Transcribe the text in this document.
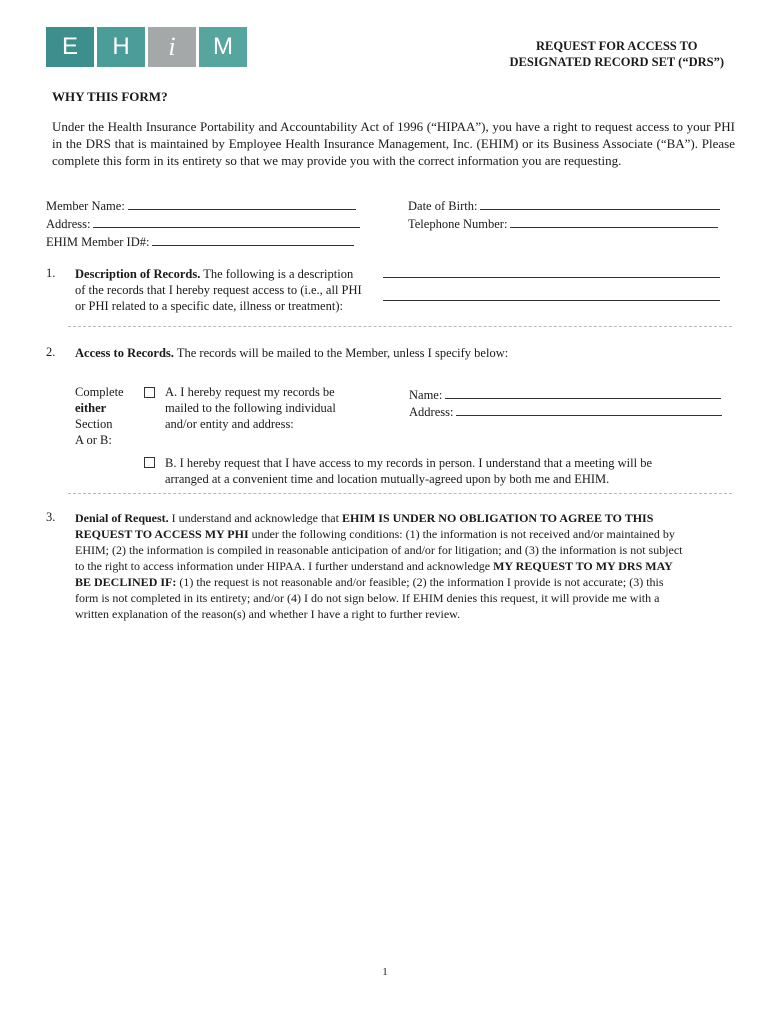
E	H	i	M	REQUEST FOR ACCESS TO
DESIGNATED RECORD SET (“DRS”)
WHY THIS FORM?
Under the Health Insurance Portability and Accountability Act of 1996 (“HIPAA”), you have a right to request access to your PHI in the DRS that is maintained by Employee Health Insurance Management, Inc. (EHIM) or its Business Associate (“BA”). Please complete this form in its entirety so that we may provide you with the correct information you are requesting.
Member Name:
Address:
EHIM Member ID#:
Date of Birth:
Telephone Number:
1. Description of Records. The following is a description
of the records that I hereby request access to (i.e., all PHI
or PHI related to a specific date, illness or treatment):
2. Access to Records. The records will be mailed to the Member, unless I specify below:
Complete
either
Section
A or B:
A. I hereby request my records be
mailed to the following individual
and/or entity and address:
Name:
Address:
B. I hereby request that I have access to my records in person. I understand that a meeting will be
arranged at a convenient time and location mutually-agreed upon by both me and EHIM.
3. Denial of Request. I understand and acknowledge that EHIM IS UNDER NO OBLIGATION TO AGREE TO THIS
REQUEST TO ACCESS MY PHI under the following conditions: (1) the information is not received and/or maintained by
EHIM; (2) the information is compiled in reasonable anticipation of and/or for litigation; and (3) the information is not subject
to the right to access information under HIPAA. I further understand and acknowledge MY REQUEST TO MY DRS MAY
BE DECLINED IF: (1) the request is not reasonable and/or feasible; (2) the information I provide is not accurate; (3) this
form is not completed in its entirety; and/or (4) I do not sign below. If EHIM denies this request, it will provide me with a
written explanation of the reason(s) and whether I have a right to further review.
1
